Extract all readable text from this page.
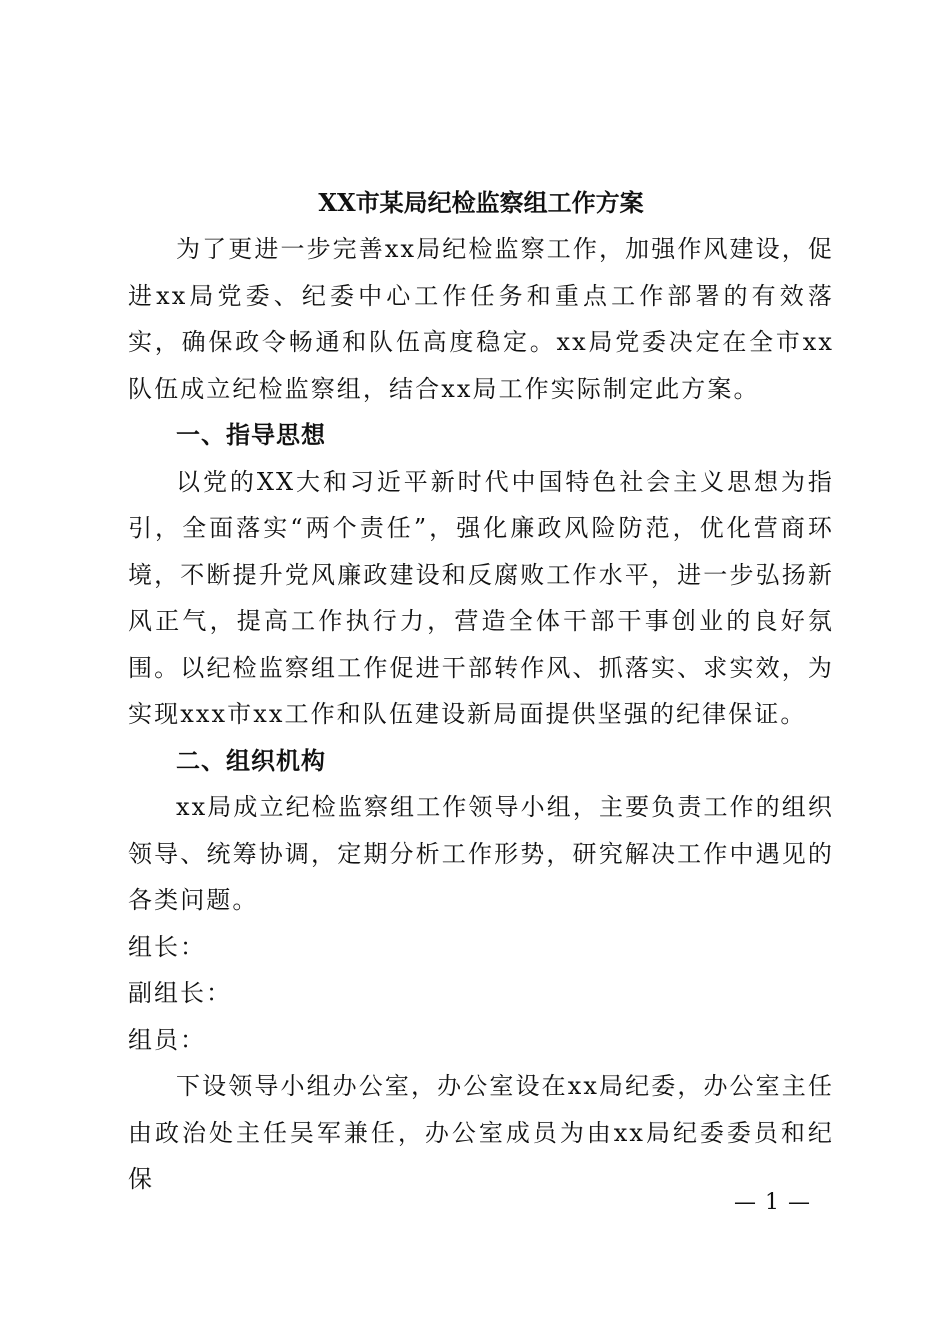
XX市某局纪检监察组工作方案

为了更进一步完善xx局纪检监察工作，加强作风建设，促进xx局党委、纪委中心工作任务和重点工作部署的有效落实，确保政令畅通和队伍高度稳定。xx局党委决定在全市xx队伍成立纪检监察组，结合xx局工作实际制定此方案。

一、指导思想

以党的XX大和习近平新时代中国特色社会主义思想为指引，全面落实“两个责任”，强化廉政风险防范，优化营商环境，不断提升党风廉政建设和反腐败工作水平，进一步弘扬新风正气，提高工作执行力，营造全体干部干事创业的良好氛围。以纪检监察组工作促进干部转作风、抓落实、求实效，为实现xxx市xx工作和队伍建设新局面提供坚强的纪律保证。

二、组织机构

xx局成立纪检监察组工作领导小组，主要负责工作的组织领导、统筹协调，定期分析工作形势，研究解决工作中遇见的各类问题。

组长：
副组长：
组员：

下设领导小组办公室，办公室设在xx局纪委，办公室主任由政治处主任吴军兼任，办公室成员为由xx局纪委委员和纪保

— 1 —
